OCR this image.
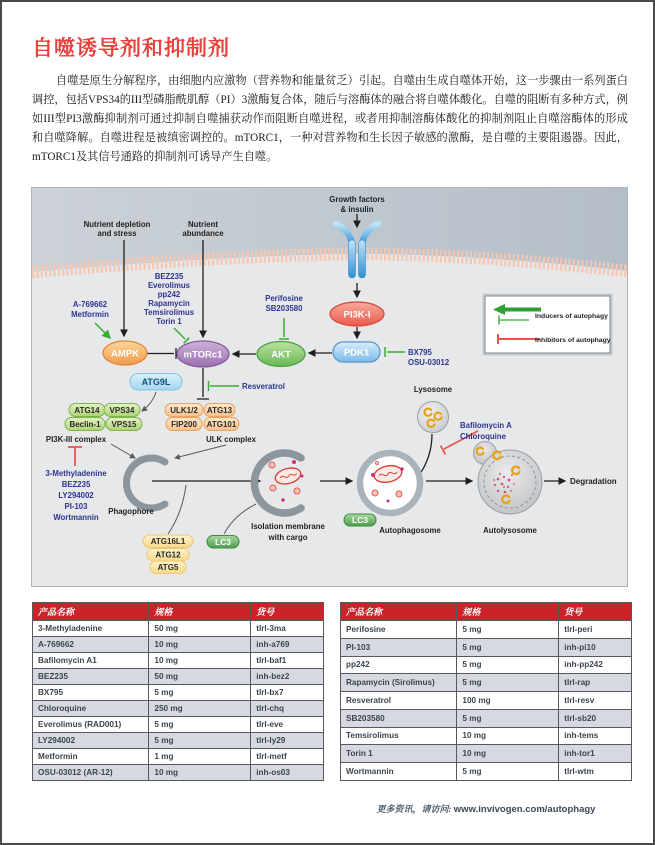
自噬诱导剂和抑制剂
自噬是原生分解程序，由细胞内应激物（营养物和能量贫乏）引起。自噬由生成自噬体开始，这一步骤由一系列蛋白调控，包括VPS34的III型磷脂酰肌醇（PI）3激酶复合体，随后与溶酶体的融合将自噬体酸化。自噬的阻断有多种方式，例如III型PI3激酶抑制剂可通过抑制自噬捕获动作而阻断自噬进程，或者用抑制溶酶体酸化的抑制剂阻止自噬溶酶体的形成和自噬降解。自噬进程是被缜密调控的。mTORC1，一种对营养物和生长因子敏感的激酶，是自噬的主要阻遏器。因此，mTORC1及其信号通路的抑制剂可诱导产生自噬。
Nutrient depletion
and stress
Nutrient
abundance
Growth factors
& insulin
A-769662
Metformin
BEZ235
Everolimus
pp242
Rapamycin
Temsirolimus
Torin 1
Perifosine
SB203580
BX795
OSU-03012
Resveratrol
3-Methyladenine
BEZ235
LY294002
PI-103
Wortmannin
Bafilomycin A
Chloroquine
AMPK	mTORc1	AKT
PI3K-I
PDK1
ATG9L
ATG14 VPS34
Beclin-1 VPS15
ULK1/2 ATG13
FIP200 ATG101
PI3K-III complex	ULK complex
Phagophore
ATG16L1
ATG12
ATG5
LC3
Isolation membrane
with cargo
LC3
Autophagosome
Lysosome
Autolysosome
Degradation
Inducers of autophagy
Inhibitors of autophagy
产品名称	规格	货号
3-Methyladenine	50 mg	tlrl-3ma
A-769662	10 mg	inh-a769
Bafilomycin A1	10 mg	tlrl-baf1
BEZ235	50 mg	inh-bez2
BX795	5 mg	tlrl-bx7
Chloroquine	250 mg	tlrl-chq
Everolimus (RAD001)	5 mg	tlrl-eve
LY294002	5 mg	tlrl-ly29
Metformin	1 mg	tlrl-metf
OSU-03012 (AR-12)	10 mg	inh-os03
产品名称	规格	货号
Perifosine	5 mg	tlrl-peri
PI-103	5 mg	inh-pi10
pp242	5 mg	inh-pp242
Rapamycin (Sirolimus)	5 mg	tlrl-rap
Resveratrol	100 mg	tlrl-resv
SB203580	5 mg	tlrl-sb20
Temsirolimus	10 mg	inh-tems
Torin 1	10 mg	inh-tor1
Wortmannin	5 mg	tlrl-wtm
更多资讯，请访问: www.invivogen.com/autophagy
